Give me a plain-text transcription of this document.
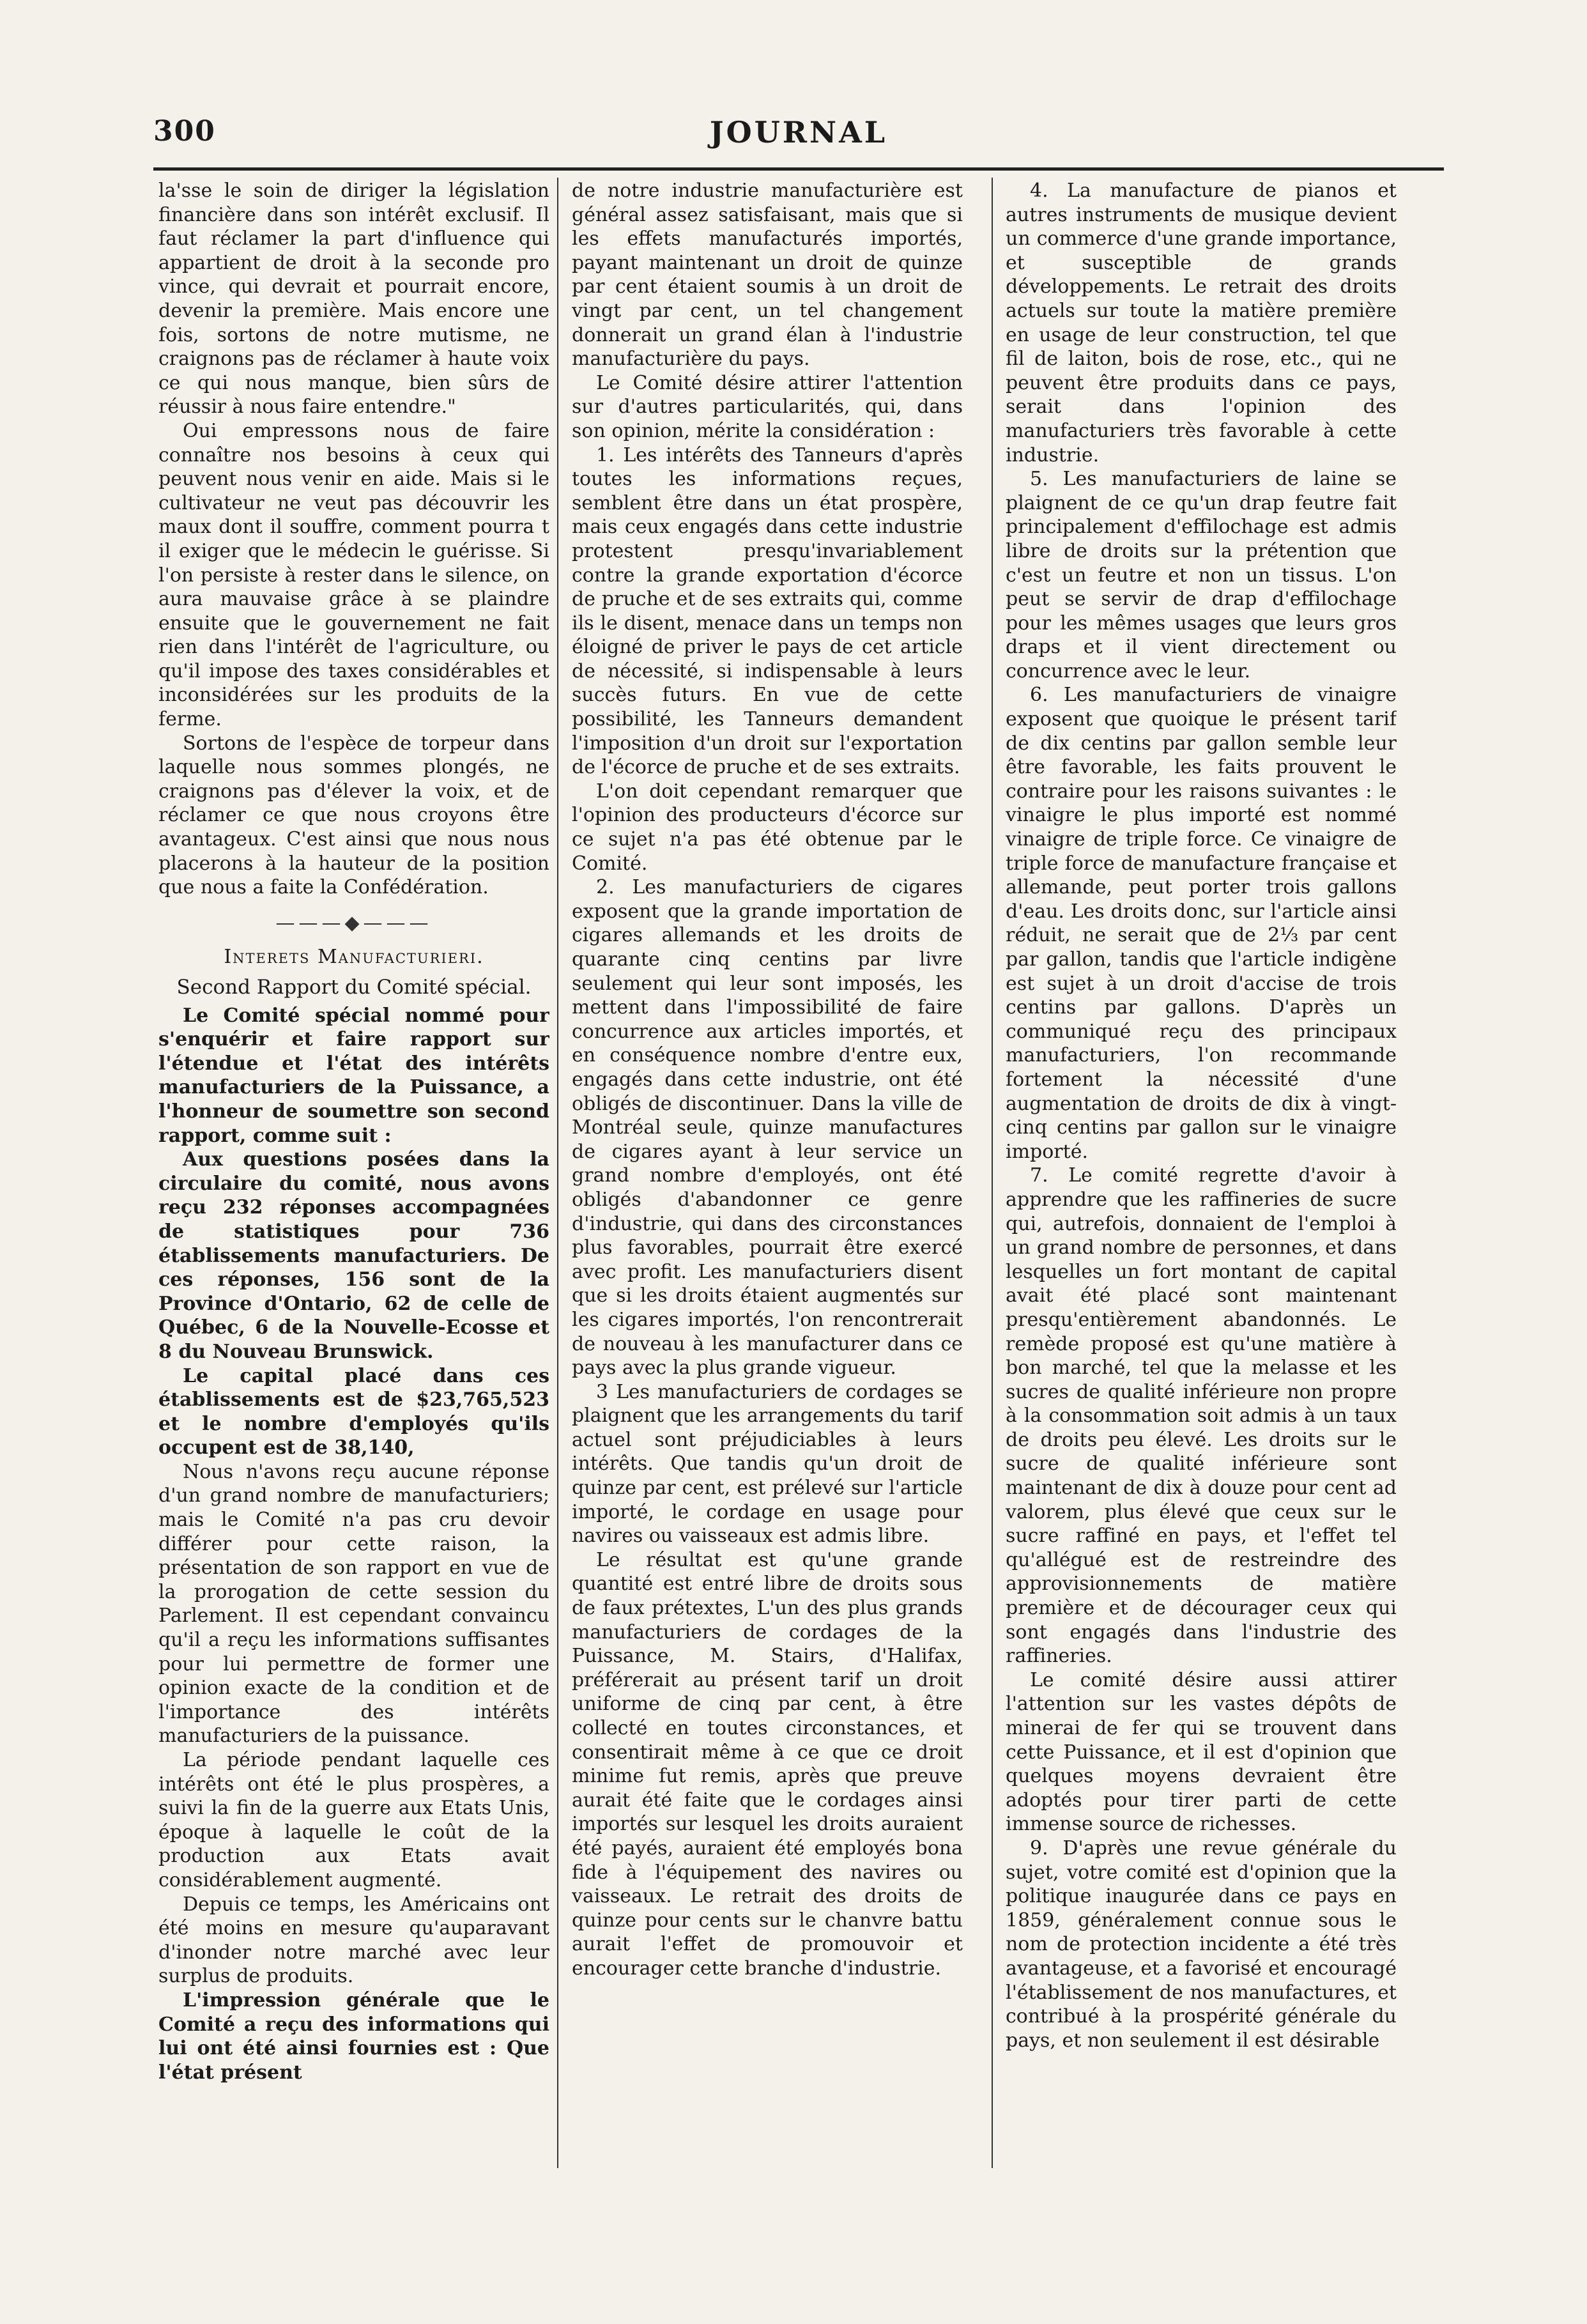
300	JOURNAL

la'sse le soin de diriger la législation financière dans son intérêt exclusif. Il faut réclamer la part d'influence qui appartient de droit à la seconde pro vince, qui devrait et pourrait encore, devenir la première. Mais encore une fois, sortons de notre mutisme, ne craignons pas de réclamer à haute voix ce qui nous manque, bien sûrs de réussir à nous faire entendre."

Oui empressons nous de faire connaître nos besoins à ceux qui peuvent nous venir en aide. Mais si le cultivateur ne veut pas découvrir les maux dont il souffre, comment pourra t il exiger que le médecin le guérisse. Si l'on persiste à rester dans le silence, on aura mauvaise grâce à se plaindre ensuite que le gouvernement ne fait rien dans l'intérêt de l'agriculture, ou qu'il impose des taxes considérables et inconsidérées sur les produits de la ferme.

Sortons de l'espèce de torpeur dans laquelle nous sommes plongés, ne craignons pas d'élever la voix, et de réclamer ce que nous croyons être avantageux. C'est ainsi que nous nous placerons à la hauteur de la position que nous a faite la Confédération.

———◆———
Interets Manufacturieri.
Second Rapport du Comité spécial.

Le Comité spécial nommé pour s'enquérir et faire rapport sur l'étendue et l'état des intérêts manufacturiers de la Puissance, a l'honneur de soumettre son second rapport, comme suit :

Aux questions posées dans la circulaire du comité, nous avons reçu 232 réponses accompagnées de statistiques pour 736 établissements manufacturiers. De ces réponses, 156 sont de la Province d'Ontario, 62 de celle de Québec, 6 de la Nouvelle-Ecosse et 8 du Nouveau Brunswick.

Le capital placé dans ces établissements est de $23,765,523 et le nombre d'employés qu'ils occupent est de 38,140,

Nous n'avons reçu aucune réponse d'un grand nombre de manufacturiers; mais le Comité n'a pas cru devoir différer pour cette raison, la présentation de son rapport en vue de la prorogation de cette session du Parlement. Il est cependant convaincu qu'il a reçu les informations suffisantes pour lui permettre de former une opinion exacte de la condition et de l'importance des intérêts manufacturiers de la puissance.

La période pendant laquelle ces intérêts ont été le plus prospères, a suivi la fin de la guerre aux Etats Unis, époque à laquelle le coût de la production aux Etats avait considérablement augmenté.

Depuis ce temps, les Américains ont été moins en mesure qu'auparavant d'inonder notre marché avec leur surplus de produits.

L'impression générale que le Comité a reçu des informations qui lui ont été ainsi fournies est : Que l'état présent

de notre industrie manufacturière est général assez satisfaisant, mais que si les effets manufacturés importés, payant maintenant un droit de quinze par cent étaient soumis à un droit de vingt par cent, un tel changement donnerait un grand élan à l'industrie manufacturière du pays.

Le Comité désire attirer l'attention sur d'autres particularités, qui, dans son opinion, mérite la considération :

1. Les intérêts des Tanneurs d'après toutes les informations reçues, semblent être dans un état prospère, mais ceux engagés dans cette industrie protestent presqu'invariablement contre la grande exportation d'écorce de pruche et de ses extraits qui, comme ils le disent, menace dans un temps non éloigné de priver le pays de cet article de nécessité, si indispensable à leurs succès futurs. En vue de cette possibilité, les Tanneurs demandent l'imposition d'un droit sur l'exportation de l'écorce de pruche et de ses extraits.

L'on doit cependant remarquer que l'opinion des producteurs d'écorce sur ce sujet n'a pas été obtenue par le Comité.

2. Les manufacturiers de cigares exposent que la grande importation de cigares allemands et les droits de quarante cinq centins par livre seulement qui leur sont imposés, les mettent dans l'impossibilité de faire concurrence aux articles importés, et en conséquence nombre d'entre eux, engagés dans cette industrie, ont été obligés de discontinuer. Dans la ville de Montréal seule, quinze manufactures de cigares ayant à leur service un grand nombre d'employés, ont été obligés d'abandonner ce genre d'industrie, qui dans des circonstances plus favorables, pourrait être exercé avec profit. Les manufacturiers disent que si les droits étaient augmentés sur les cigares importés, l'on rencontrerait de nouveau à les manufacturer dans ce pays avec la plus grande vigueur.

3 Les manufacturiers de cordages se plaignent que les arrangements du tarif actuel sont préjudiciables à leurs intérêts. Que tandis qu'un droit de quinze par cent, est prélevé sur l'article importé, le cordage en usage pour navires ou vaisseaux est admis libre.

Le résultat est qu'une grande quantité est entré libre de droits sous de faux prétextes, L'un des plus grands manufacturiers de cordages de la Puissance, M. Stairs, d'Halifax, préférerait au présent tarif un droit uniforme de cinq par cent, à être collecté en toutes circonstances, et consentirait même à ce que ce droit minime fut remis, après que preuve aurait été faite que le cordages ainsi importés sur lesquel les droits auraient été payés, auraient été employés bona fide à l'équipement des navires ou vaisseaux. Le retrait des droits de quinze pour cents sur le chanvre battu aurait l'effet de promouvoir et encourager cette branche d'industrie.

4. La manufacture de pianos et autres instruments de musique devient un commerce d'une grande importance, et susceptible de grands développements. Le retrait des droits actuels sur toute la matière première en usage de leur construction, tel que fil de laiton, bois de rose, etc., qui ne peuvent être produits dans ce pays, serait dans l'opinion des manufacturiers très favorable à cette industrie.

5. Les manufacturiers de laine se plaignent de ce qu'un drap feutre fait principalement d'effilochage est admis libre de droits sur la prétention que c'est un feutre et non un tissus. L'on peut se servir de drap d'effilochage pour les mêmes usages que leurs gros draps et il vient directement ou concurrence avec le leur.

6. Les manufacturiers de vinaigre exposent que quoique le présent tarif de dix centins par gallon semble leur être favorable, les faits prouvent le contraire pour les raisons suivantes : le vinaigre le plus importé est nommé vinaigre de triple force. Ce vinaigre de triple force de manufacture française et allemande, peut porter trois gallons d'eau. Les droits donc, sur l'article ainsi réduit, ne serait que de 2⅓ par cent par gallon, tandis que l'article indigène est sujet à un droit d'accise de trois centins par gallons. D'après un communiqué reçu des principaux manufacturiers, l'on recommande fortement la nécessité d'une augmentation de droits de dix à vingt-cinq centins par gallon sur le vinaigre importé.

7. Le comité regrette d'avoir à apprendre que les raffineries de sucre qui, autrefois, donnaient de l'emploi à un grand nombre de personnes, et dans lesquelles un fort montant de capital avait été placé sont maintenant presqu'entièrement abandonnés. Le remède proposé est qu'une matière à bon marché, tel que la melasse et les sucres de qualité inférieure non propre à la consommation soit admis à un taux de droits peu élevé. Les droits sur le sucre de qualité inférieure sont maintenant de dix à douze pour cent ad valorem, plus élevé que ceux sur le sucre raffiné en pays, et l'effet tel qu'allégué est de restreindre des approvisionnements de matière première et de décourager ceux qui sont engagés dans l'industrie des raffineries.

Le comité désire aussi attirer l'attention sur les vastes dépôts de minerai de fer qui se trouvent dans cette Puissance, et il est d'opinion que quelques moyens devraient être adoptés pour tirer parti de cette immense source de richesses.

9. D'après une revue générale du sujet, votre comité est d'opinion que la politique inaugurée dans ce pays en 1859, généralement connue sous le nom de protection incidente a été très avantageuse, et a favorisé et encouragé l'établissement de nos manufactures, et contribué à la prospérité générale du pays, et non seulement il est désirable
